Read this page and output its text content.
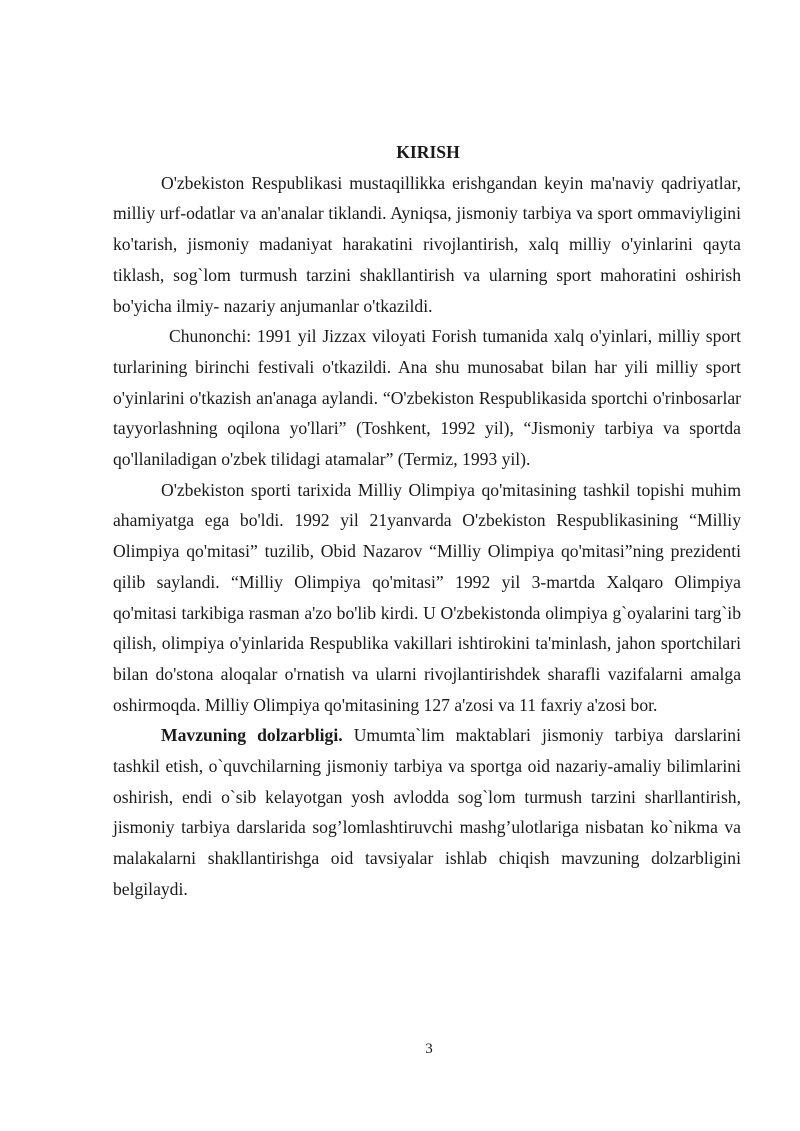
KIRISH

O'zbekiston Respublikasi mustaqillikka erishgandan keyin ma'naviy qadriyatlar, milliy urf-odatlar va an'analar tiklandi. Ayniqsa, jismoniy tarbiya va sport ommaviyligini ko'tarish, jismoniy madaniyat harakatini rivojlantirish, xalq milliy o'yinlarini qayta tiklash, sog`lom turmush tarzini shakllantirish va ularning sport mahoratini oshirish bo'yicha ilmiy- nazariy anjumanlar o'tkazildi.

Chunonchi: 1991 yil Jizzax viloyati Forish tumanida xalq o'yinlari, milliy sport turlarining birinchi festivali o'tkazildi. Ana shu munosabat bilan har yili milliy sport o'yinlarini o'tkazish an'anaga aylandi. “O'zbekiston Respublikasida sportchi o'rinbosarlar tayyorlashning oqilona yo'llari” (Toshkent, 1992 yil), “Jismoniy tarbiya va sportda qo'llaniladigan o'zbek tilidagi atamalar” (Termiz, 1993 yil).

O'zbekiston sporti tarixida Milliy Olimpiya qo'mitasining tashkil topishi muhim ahamiyatga ega bo'ldi. 1992 yil 21yanvarda O'zbekiston Respublikasining “Milliy Olimpiya qo'mitasi” tuzilib, Obid Nazarov “Milliy Olimpiya qo'mitasi”ning prezidenti qilib saylandi. “Milliy Olimpiya qo'mitasi” 1992 yil 3-martda Xalqaro Olimpiya qo'mitasi tarkibiga rasman a'zo bo'lib kirdi. U O'zbekistonda olimpiya g`oyalarini targ`ib qilish, olimpiya o'yinlarida Respublika vakillari ishtirokini ta'minlash, jahon sportchilari bilan do'stona aloqalar o'rnatish va ularni rivojlantirishdek sharafli vazifalarni amalga oshirmoqda. Milliy Olimpiya qo'mitasining 127 a'zosi va 11 faxriy a'zosi bor.

Mavzuning dolzarbligi. Umumta`lim maktablari jismoniy tarbiya darslarini tashkil etish, o`quvchilarning jismoniy tarbiya va sportga oid nazariy-amaliy bilimlarini oshirish, endi o`sib kelayotgan yosh avlodda sog`lom turmush tarzini sharllantirish, jismoniy tarbiya darslarida sog’lomlashtiruvchi mashg’ulotlariga nisbatan ko`nikma va malakalarni shakllantirishga oid tavsiyalar ishlab chiqish mavzuning dolzarbligini belgilaydi.

3
